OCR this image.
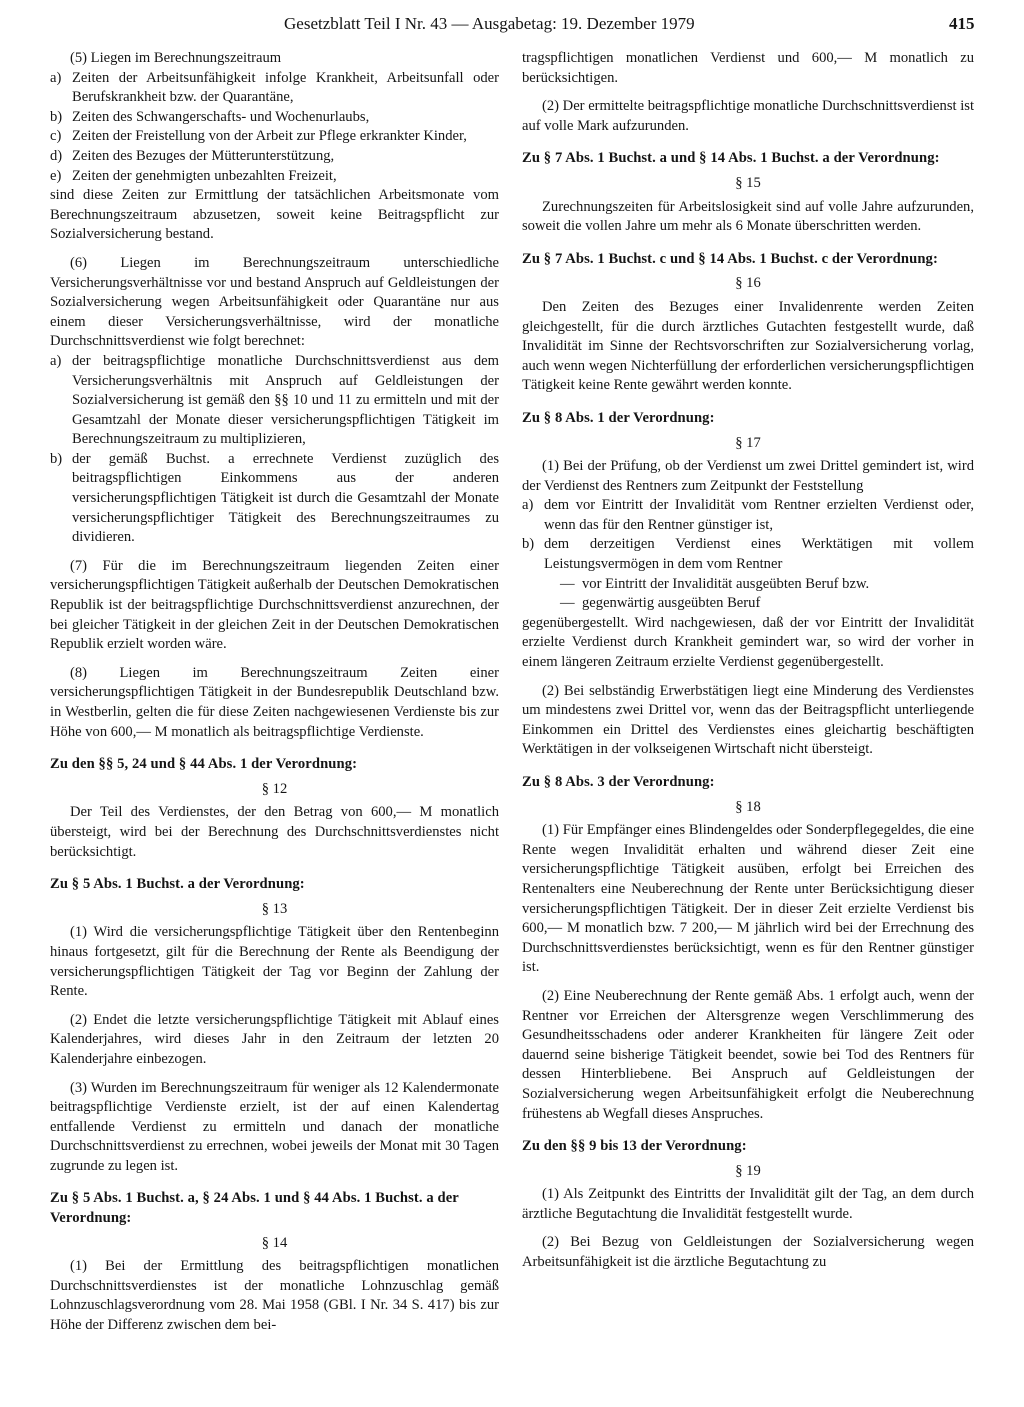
Gesetzblatt Teil I Nr. 43 — Ausgabetag: 19. Dezember 1979	415

(5) Liegen im Berechnungszeitraum

a) Zeiten der Arbeitsunfähigkeit infolge Krankheit, Arbeitsunfall oder Berufskrankheit bzw. der Quarantäne,
b) Zeiten des Schwangerschafts- und Wochenurlaubs,
c) Zeiten der Freistellung von der Arbeit zur Pflege erkrankter Kinder,
d) Zeiten des Bezuges der Mütterunterstützung,
e) Zeiten der genehmigten unbezahlten Freizeit,

sind diese Zeiten zur Ermittlung der tatsächlichen Arbeitsmonate vom Berechnungszeitraum abzusetzen, soweit keine Beitragspflicht zur Sozialversicherung bestand.

(6) Liegen im Berechnungszeitraum unterschiedliche Versicherungsverhältnisse vor und bestand Anspruch auf Geldleistungen der Sozialversicherung wegen Arbeitsunfähigkeit oder Quarantäne nur aus einem dieser Versicherungsverhältnisse, wird der monatliche Durchschnittsverdienst wie folgt berechnet:

a) der beitragspflichtige monatliche Durchschnittsverdienst aus dem Versicherungsverhältnis mit Anspruch auf Geldleistungen der Sozialversicherung ist gemäß den §§ 10 und 11 zu ermitteln und mit der Gesamtzahl der Monate dieser versicherungspflichtigen Tätigkeit im Berechnungszeitraum zu multiplizieren,
b) der gemäß Buchst. a errechnete Verdienst zuzüglich des beitragspflichtigen Einkommens aus der anderen versicherungspflichtigen Tätigkeit ist durch die Gesamtzahl der Monate versicherungspflichtiger Tätigkeit des Berechnungszeitraumes zu dividieren.

(7) Für die im Berechnungszeitraum liegenden Zeiten einer versicherungspflichtigen Tätigkeit außerhalb der Deutschen Demokratischen Republik ist der beitragspflichtige Durchschnittsverdienst anzurechnen, der bei gleicher Tätigkeit in der gleichen Zeit in der Deutschen Demokratischen Republik erzielt worden wäre.

(8) Liegen im Berechnungszeitraum Zeiten einer versicherungspflichtigen Tätigkeit in der Bundesrepublik Deutschland bzw. in Westberlin, gelten die für diese Zeiten nachgewiesenen Verdienste bis zur Höhe von 600,— M monatlich als beitragspflichtige Verdienste.

Zu den §§ 5, 24 und § 44 Abs. 1 der Verordnung:
§ 12

Der Teil des Verdienstes, der den Betrag von 600,— M monatlich übersteigt, wird bei der Berechnung des Durchschnittsverdienstes nicht berücksichtigt.

Zu § 5 Abs. 1 Buchst. a der Verordnung:
§ 13

(1) Wird die versicherungspflichtige Tätigkeit über den Rentenbeginn hinaus fortgesetzt, gilt für die Berechnung der Rente als Beendigung der versicherungspflichtigen Tätigkeit der Tag vor Beginn der Zahlung der Rente.

(2) Endet die letzte versicherungspflichtige Tätigkeit mit Ablauf eines Kalenderjahres, wird dieses Jahr in den Zeitraum der letzten 20 Kalenderjahre einbezogen.

(3) Wurden im Berechnungszeitraum für weniger als 12 Kalendermonate beitragspflichtige Verdienste erzielt, ist der auf einen Kalendertag entfallende Verdienst zu ermitteln und danach der monatliche Durchschnittsverdienst zu errechnen, wobei jeweils der Monat mit 30 Tagen zugrunde zu legen ist.

Zu § 5 Abs. 1 Buchst. a, § 24 Abs. 1 und § 44 Abs. 1 Buchst. a der Verordnung:
§ 14

(1) Bei der Ermittlung des beitragspflichtigen monatlichen Durchschnittsverdienstes ist der monatliche Lohnzuschlag gemäß Lohnzuschlagsverordnung vom 28. Mai 1958 (GBl. I Nr. 34 S. 417) bis zur Höhe der Differenz zwischen dem bei-

tragspflichtigen monatlichen Verdienst und 600,— M monatlich zu berücksichtigen.

(2) Der ermittelte beitragspflichtige monatliche Durchschnittsverdienst ist auf volle Mark aufzurunden.

Zu § 7 Abs. 1 Buchst. a und § 14 Abs. 1 Buchst. a der Verordnung:
§ 15

Zurechnungszeiten für Arbeitslosigkeit sind auf volle Jahre aufzurunden, soweit die vollen Jahre um mehr als 6 Monate überschritten werden.

Zu § 7 Abs. 1 Buchst. c und § 14 Abs. 1 Buchst. c der Verordnung:
§ 16

Den Zeiten des Bezuges einer Invalidenrente werden Zeiten gleichgestellt, für die durch ärztliches Gutachten festgestellt wurde, daß Invalidität im Sinne der Rechtsvorschriften zur Sozialversicherung vorlag, auch wenn wegen Nichterfüllung der erforderlichen versicherungspflichtigen Tätigkeit keine Rente gewährt werden konnte.

Zu § 8 Abs. 1 der Verordnung:
§ 17

(1) Bei der Prüfung, ob der Verdienst um zwei Drittel gemindert ist, wird der Verdienst des Rentners zum Zeitpunkt der Feststellung

a) dem vor Eintritt der Invalidität vom Rentner erzielten Verdienst oder, wenn das für den Rentner günstiger ist,
b) dem derzeitigen Verdienst eines Werktätigen mit vollem Leistungsvermögen in dem vom Rentner
— vor Eintritt der Invalidität ausgeübten Beruf bzw.
— gegenwärtig ausgeübten Beruf

gegenübergestellt. Wird nachgewiesen, daß der vor Eintritt der Invalidität erzielte Verdienst durch Krankheit gemindert war, so wird der vorher in einem längeren Zeitraum erzielte Verdienst gegenübergestellt.

(2) Bei selbständig Erwerbstätigen liegt eine Minderung des Verdienstes um mindestens zwei Drittel vor, wenn das der Beitragspflicht unterliegende Einkommen ein Drittel des Verdienstes eines gleichartig beschäftigten Werktätigen in der volkseigenen Wirtschaft nicht übersteigt.

Zu § 8 Abs. 3 der Verordnung:
§ 18

(1) Für Empfänger eines Blindengeldes oder Sonderpflegegeldes, die eine Rente wegen Invalidität erhalten und während dieser Zeit eine versicherungspflichtige Tätigkeit ausüben, erfolgt bei Erreichen des Rentenalters eine Neuberechnung der Rente unter Berücksichtigung dieser versicherungspflichtigen Tätigkeit. Der in dieser Zeit erzielte Verdienst bis 600,— M monatlich bzw. 7 200,— M jährlich wird bei der Errechnung des Durchschnittsverdienstes berücksichtigt, wenn es für den Rentner günstiger ist.

(2) Eine Neuberechnung der Rente gemäß Abs. 1 erfolgt auch, wenn der Rentner vor Erreichen der Altersgrenze wegen Verschlimmerung des Gesundheitsschadens oder anderer Krankheiten für längere Zeit oder dauernd seine bisherige Tätigkeit beendet, sowie bei Tod des Rentners für dessen Hinterbliebene. Bei Anspruch auf Geldleistungen der Sozialversicherung wegen Arbeitsunfähigkeit erfolgt die Neuberechnung frühestens ab Wegfall dieses Anspruches.

Zu den §§ 9 bis 13 der Verordnung:
§ 19

(1) Als Zeitpunkt des Eintritts der Invalidität gilt der Tag, an dem durch ärztliche Begutachtung die Invalidität festgestellt wurde.

(2) Bei Bezug von Geldleistungen der Sozialversicherung wegen Arbeitsunfähigkeit ist die ärztliche Begutachtung zu
